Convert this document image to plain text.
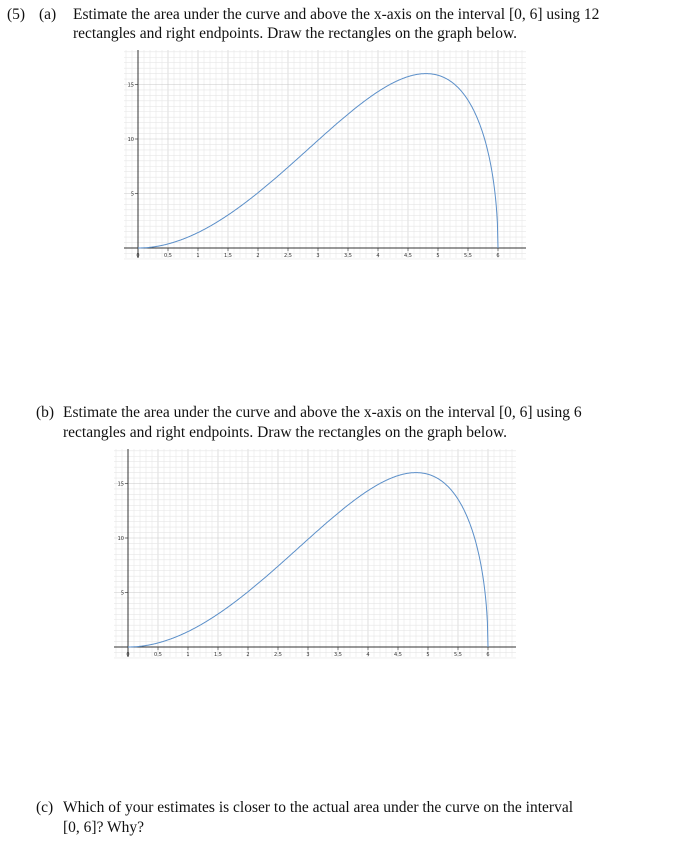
(5) (a) Estimate the area under the curve and above the x-axis on the interval [0, 6] using 12
rectangles and right endpoints. Draw the rectangles on the graph below.
0	0.5	1	1.5	2	2.5	3	3.5	4	4.5	5	5.5	6
5
10
15
(b) Estimate the area under the curve and above the x-axis on the interval [0, 6] using 6
rectangles and right endpoints. Draw the rectangles on the graph below.
0	0.5	1	1.5	2	2.5	3	3.5	4	4.5	5	5.5	6
5
10
15
(c) Which of your estimates is closer to the actual area under the curve on the interval
[0, 6]? Why?
